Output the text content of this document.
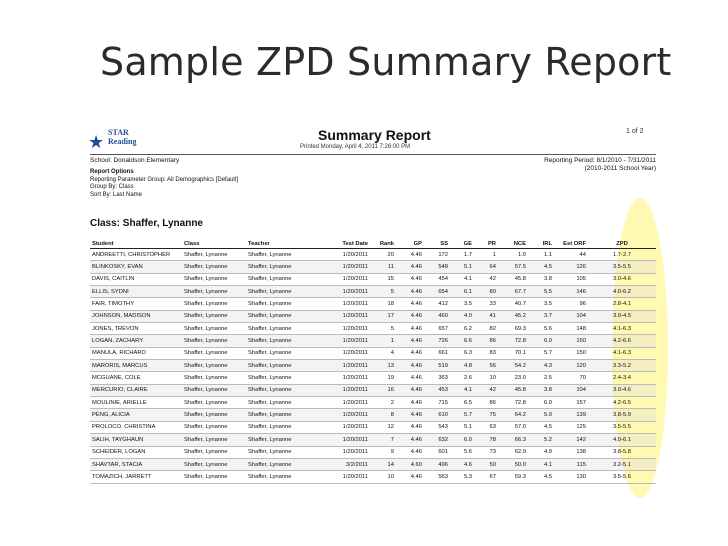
Sample ZPD Summary Report
★ STAR
Reading	Summary Report
Printed Monday, April 4, 2011 7:26:00 PM
1 of 2
School: Donaldson Elementary	Reporting Period: 8/1/2010 - 7/31/2011
(2010-2011 School Year)
Report Options
Reporting Parameter Group: All Demographics [Default]
Group By: Class
Sort By: Last Name
Class: Shaffer, Lynanne
Student	Class	Teacher	Test Date	Rank	GP	SS	GE	PR	NCE	IRL	Est ORF	ZPD
ANDREETTI, CHRISTOPHER	Shaffer, Lynanne	Shaffer, Lynanne	1/20/2011	20	4.46	172	1.7	1	1.0	1.1	44	1.7-2.7
BLINKOSKY, EVAN	Shaffer, Lynanne	Shaffer, Lynanne	1/20/2011	11	4.46	548	5.1	64	57.5	4.5	126	3.5-5.5
DAVIS, CAITLIN	Shaffer, Lynanne	Shaffer, Lynanne	1/20/2011	15	4.46	454	4.1	42	45.8	3.8	105	3.0-4.6
ELLIS, SYDNI	Shaffer, Lynanne	Shaffer, Lynanne	1/20/2011	5	4.46	654	6.1	80	67.7	5.5	146	4.0-6.2
FAIR, TIMOTHY	Shaffer, Lynanne	Shaffer, Lynanne	1/20/2011	18	4.46	412	3.5	33	40.7	3.5	96	2.8-4.1
JOHNSON, MADISON	Shaffer, Lynanne	Shaffer, Lynanne	1/20/2011	17	4.46	460	4.0	41	45.2	3.7	104	3.0-4.5
JONES, TREVON	Shaffer, Lynanne	Shaffer, Lynanne	1/20/2011	5	4.46	657	6.2	82	69.3	5.6	148	4.1-6.3
LOGAN, ZACHARY	Shaffer, Lynanne	Shaffer, Lynanne	1/20/2011	1	4.46	726	6.6	86	72.8	6.0	150	4.2-6.6
MANULA, RICHARD	Shaffer, Lynanne	Shaffer, Lynanne	1/20/2011	4	4.46	661	6.3	83	70.1	5.7	150	4.1-6.3
MARORIS, MARCUS	Shaffer, Lynanne	Shaffer, Lynanne	1/20/2011	13	4.46	519	4.8	56	54.2	4.3	120	3.3-5.2
MCGUANE, COLE	Shaffer, Lynanne	Shaffer, Lynanne	1/20/2011	19	4.46	363	2.6	10	23.0	2.5	70	2.4-3.4
MERCURIO, CLAIRE	Shaffer, Lynanne	Shaffer, Lynanne	1/20/2011	16	4.46	453	4.1	42	45.8	3.8	104	3.0-4.6
MOULINIE, ARIELLE	Shaffer, Lynanne	Shaffer, Lynanne	1/20/2011	2	4.46	715	6.5	86	72.8	6.0	157	4.2-6.5
PENG, ALICIA	Shaffer, Lynanne	Shaffer, Lynanne	1/20/2011	8	4.46	610	5.7	75	64.2	5.0	139	3.8-5.9
PROLOCO, CHRISTINA	Shaffer, Lynanne	Shaffer, Lynanne	1/20/2011	12	4.46	543	5.1	63	57.0	4.5	125	3.5-5.5
SALIH, TAYGHAUN	Shaffer, Lynanne	Shaffer, Lynanne	1/20/2011	7	4.46	632	6.0	78	66.3	5.2	142	4.0-6.1
SCHEIDER, LOGAN	Shaffer, Lynanne	Shaffer, Lynanne	1/20/2011	9	4.46	601	5.6	73	62.9	4.9	138	3.8-5.8
SHAVTAR, STACIA	Shaffer, Lynanne	Shaffer, Lynanne	3/2/2011	14	4.60	496	4.6	50	50.0	4.1	115	3.2-5.1
TOMAZICH, JARRETT	Shaffer, Lynanne	Shaffer, Lynanne	1/20/2011	10	4.46	563	5.3	67	59.3	4.5	130	3.5-5.6
